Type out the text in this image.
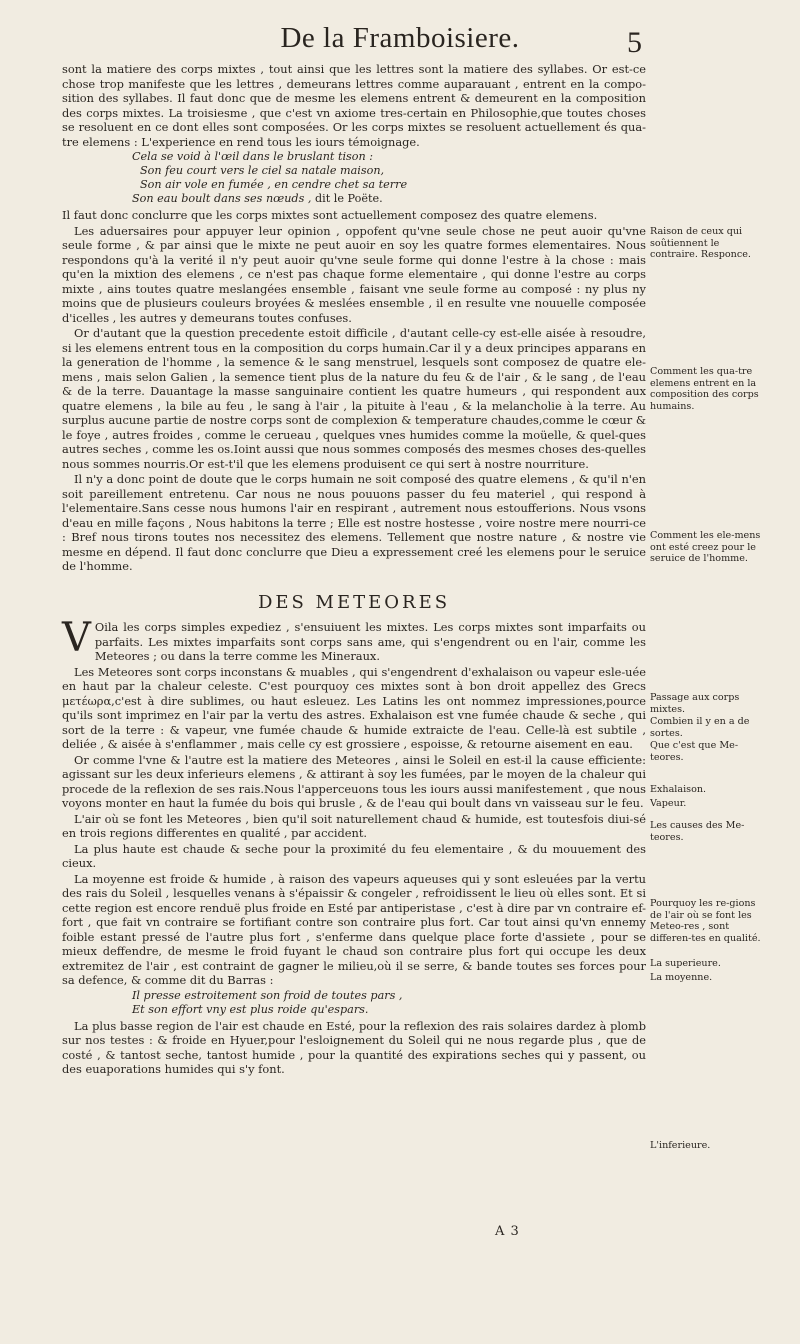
De la Framboisiere.	5

sont la matiere des corps mixtes , tout ainsi que les lettres sont la matiere des syllabes. Or est-ce chose trop manifeste que les lettres , demeurans lettres comme auparauant , entrent en la compo-sition des syllabes. Il faut donc que de mesme les elemens entrent & demeurent en la composition des corps mixtes. La troisiesme , que c'est vn axiome tres-certain en Philosophie,que toutes choses se resoluent en ce dont elles sont composées. Or les corps mixtes se resoluent actuellement és qua-tre elemens : L'experience en rend tous les iours témoignage.

Cela se void à l'œil dans le bruslant tison :
Son feu court vers le ciel sa natale maison,
Son air vole en fumée , en cendre chet sa terre
Son eau boult dans ses nœuds , dit le Poëte.

Il faut donc conclurre que les corps mixtes sont actuellement composez des quatre elemens.

Les aduersaires pour appuyer leur opinion , oppofent qu'vne seule chose ne peut auoir qu'vne seule forme , & par ainsi que le mixte ne peut auoir en soy les quatre formes elementaires. Nous respondons qu'à la verité il n'y peut auoir qu'vne seule forme qui donne l'estre à la chose : mais qu'en la mixtion des elemens , ce n'est pas chaque forme elementaire , qui donne l'estre au corps mixte , ains toutes quatre meslangées ensemble , faisant vne seule forme au composé : ny plus ny moins que de plusieurs couleurs broyées & meslées ensemble , il en resulte vne nouuelle composée d'icelles , les autres y demeurans toutes confuses.

Or d'autant que la question precedente estoit difficile , d'autant celle-cy est-elle aisée à resoudre, si les elemens entrent tous en la composition du corps humain.Car il y a deux principes apparans en la generation de l'homme , la semence & le sang menstruel, lesquels sont composez de quatre ele-mens , mais selon Galien , la semence tient plus de la nature du feu & de l'air , & le sang , de l'eau & de la terre. Dauantage la masse sanguinaire contient les quatre humeurs , qui respondent aux quatre elemens , la bile au feu , le sang à l'air , la pituite à l'eau , & la melancholie à la terre. Au surplus aucune partie de nostre corps sont de complexion & temperature chaudes,comme le cœur & le foye , autres froides , comme le cerueau , quelques vnes humides comme la moüelle, & quel-ques autres seches , comme les os.Ioint aussi que nous sommes composés des mesmes choses des-quelles nous sommes nourris.Or est-t'il que les elemens produisent ce qui sert à nostre nourriture.

Il n'y a donc point de doute que le corps humain ne soit composé des quatre elemens , & qu'il n'en soit pareillement entretenu. Car nous ne nous pouuons passer du feu materiel , qui respond à l'elementaire.Sans cesse nous humons l'air en respirant , autrement nous estoufferions. Nous vsons d'eau en mille façons , Nous habitons la terre ; Elle est nostre hostesse , voire nostre mere nourri-ce : Bref nous tirons toutes nos necessitez des elemens. Tellement que nostre nature , & nostre vie mesme en dépend. Il faut donc conclurre que Dieu a expressement creé les elemens pour le seruice de l'homme.

DES METEORES

V Oila les corps simples expediez , s'ensuiuent les mixtes. Les corps mixtes sont imparfaits ou parfaits. Les mixtes imparfaits sont corps sans ame, qui s'engendrent ou en l'air, comme les Meteores ; ou dans la terre comme les Mineraux.

Les Meteores sont corps inconstans & muables , qui s'engendrent d'exhalaison ou vapeur esle-uée en haut par la chaleur celeste. C'est pourquoy ces mixtes sont à bon droit appellez des Grecs μετέωρα,c'est à dire sublimes, ou haut esleuez. Les Latins les ont nommez impressiones,pource qu'ils sont imprimez en l'air par la vertu des astres. Exhalaison est vne fumée chaude & seche , qui sort de la terre : & vapeur, vne fumée chaude & humide extraicte de l'eau. Celle-là est subtile , deliée , & aisée à s'enflammer , mais celle cy est grossiere , espoisse, & retourne aisement en eau.

Or comme l'vne & l'autre est la matiere des Meteores , ainsi le Soleil en est-il la cause efficiente: agissant sur les deux inferieurs elemens , & attirant à soy les fumées, par le moyen de la chaleur qui procede de la reflexion de ses rais.Nous l'apperceuons tous les iours aussi manifestement , que nous voyons monter en haut la fumée du bois qui brusle , & de l'eau qui boult dans vn vaisseau sur le feu.

L'air où se font les Meteores , bien qu'il soit naturellement chaud & humide, est toutesfois diui-sé en trois regions differentes en qualité , par accident.

La plus haute est chaude & seche pour la proximité du feu elementaire , & du mouuement des cieux.

La moyenne est froide & humide , à raison des vapeurs aqueuses qui y sont esleuées par la vertu des rais du Soleil , lesquelles venans à s'épaissir & congeler , refroidissent le lieu où elles sont. Et si cette region est encore renduë plus froide en Esté par antiperistase , c'est à dire par vn contraire ef-fort , que fait vn contraire se fortifiant contre son contraire plus fort. Car tout ainsi qu'vn ennemy foible estant pressé de l'autre plus fort , s'enferme dans quelque place forte d'assiete , pour se mieux deffendre, de mesme le froid fuyant le chaud son contraire plus fort qui occupe les deux extremitez de l'air , est contraint de gagner le milieu,où il se serre, & bande toutes ses forces pour sa defence, & comme dit du Barras :

Il presse estroitement son froid de toutes pars ,
Et son effort vny est plus roide qu'espars.

La plus basse region de l'air est chaude en Esté, pour la reflexion des rais solaires dardez à plomb sur nos testes : & froide en Hyuer,pour l'esloignement du Soleil qui ne nous regarde plus , que de costé , & tantost seche, tantost humide , pour la quantité des expirations seches qui y passent, ou des euaporations humides qui s'y font.

Raison de ceux qui soûtiennent le contraire. Responce.
Comment les qua-tre elemens entrent en la composition des corps humains.
Comment les ele-mens ont esté creez pour le seruice de l'homme.
Passage aux corps mixtes.
Combien il y en a de sortes.
Que c'est que Me-teores.
Exhalaison.
Vapeur.
Les causes des Me-teores.
Pourquoy les re-gions de l'air où se font les Meteo-res , sont differen-tes en qualité.
La superieure.
La moyenne.
L'inferieure.
A 3
